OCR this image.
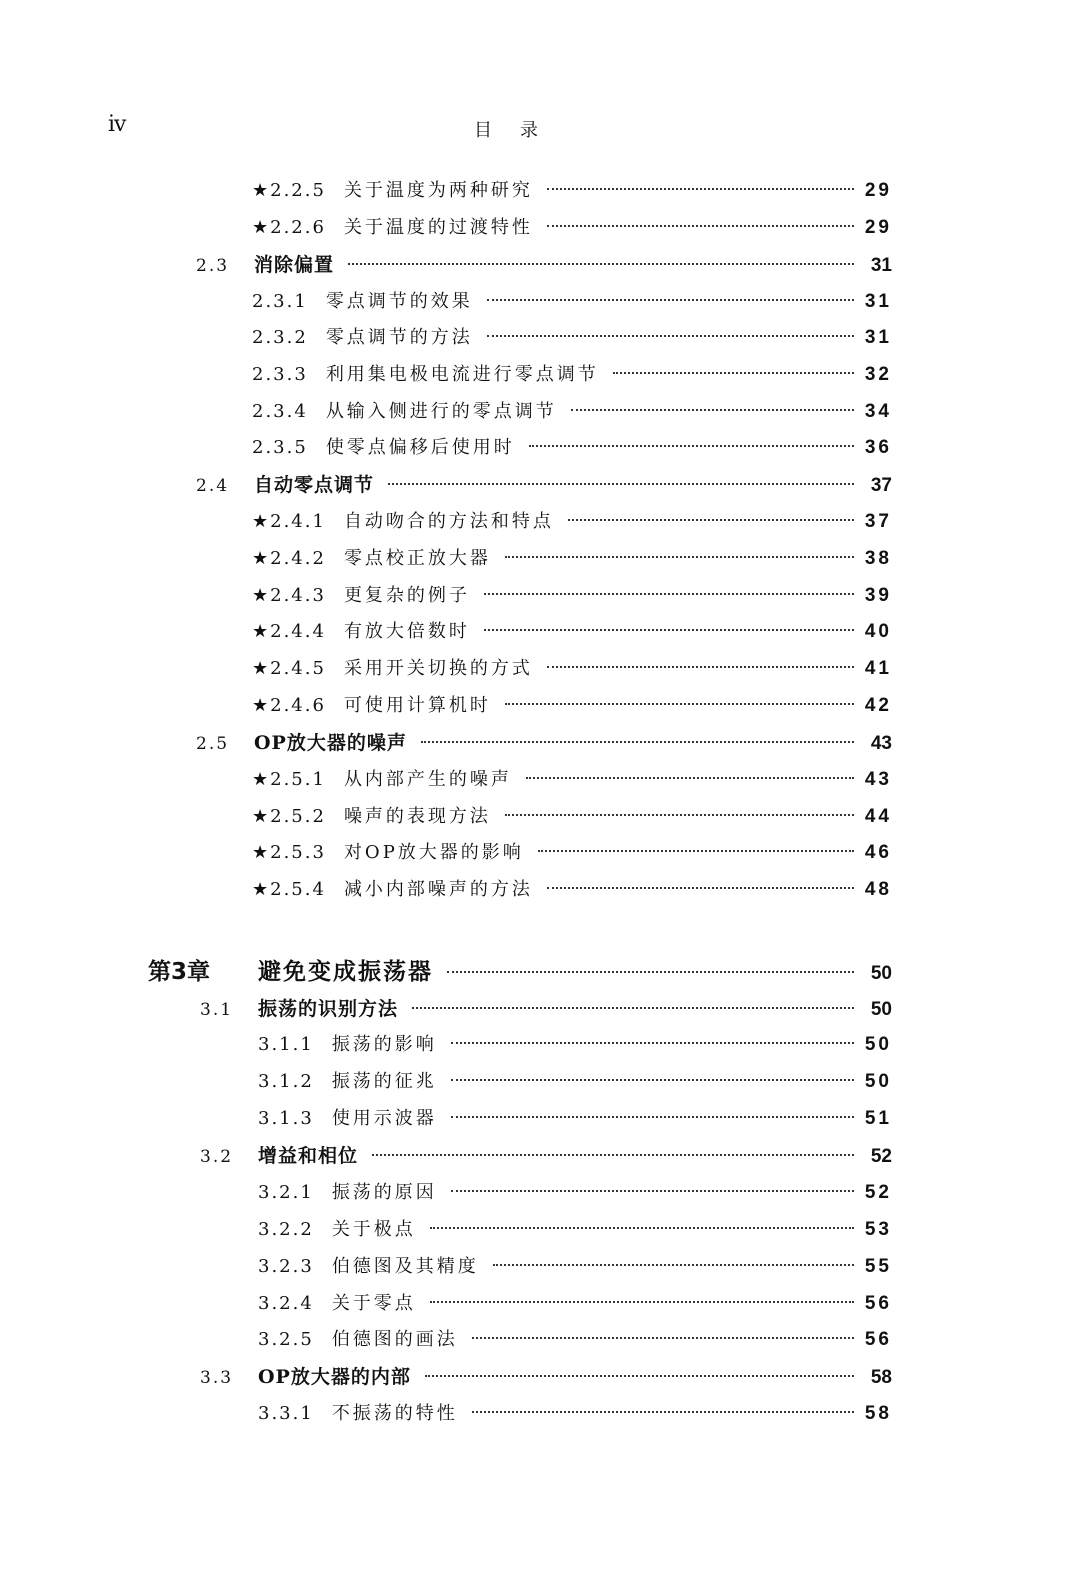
iv	目录
★2.2.5 关于温度为两种研究	29
★2.2.6 关于温度的过渡特性	29
2.3	消除偏置	31
2.3.1 零点调节的效果	31
2.3.2 零点调节的方法	31
2.3.3 利用集电极电流进行零点调节	32
2.3.4 从输入侧进行的零点调节	34
2.3.5 使零点偏移后使用时	36
2.4	自动零点调节	37
★2.4.1 自动吻合的方法和特点	37
★2.4.2 零点校正放大器	38
★2.4.3 更复杂的例子	39
★2.4.4 有放大倍数时	40
★2.4.5 采用开关切换的方式	41
★2.4.6 可使用计算机时	42
2.5	OP放大器的噪声	43
★2.5.1 从内部产生的噪声	43
★2.5.2 噪声的表现方法	44
★2.5.3 对OP放大器的影响	46
★2.5.4 减小内部噪声的方法	48
第3章	避免变成振荡器	50
3.1	振荡的识别方法	50
3.1.1 振荡的影响	50
3.1.2 振荡的征兆	50
3.1.3 使用示波器	51
3.2	增益和相位	52
3.2.1 振荡的原因	52
3.2.2 关于极点	53
3.2.3 伯德图及其精度	55
3.2.4 关于零点	56
3.2.5 伯德图的画法	56
3.3	OP放大器的内部	58
3.3.1 不振荡的特性	58
